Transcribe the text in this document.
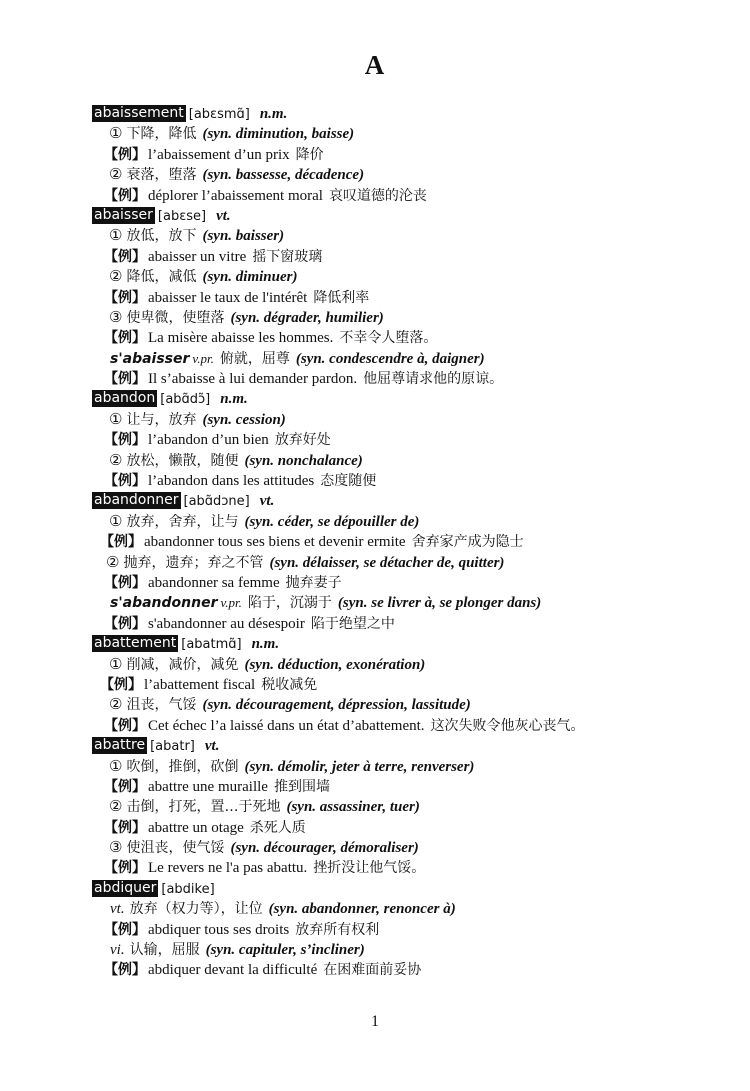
A
abaissement [abɛsmɑ̃] n.m.
① 下降，降低 (syn. diminution, baisse)
【例】 l’abaissement d’un prix 降价
② 衰落，堕落 (syn. bassesse, décadence)
【例】 déplorer l’abaissement moral 哀叹道德的沦丧
abaisser [abɛse] vt.
① 放低，放下 (syn. baisser)
【例】 abaisser un vitre 摇下窗玻璃
② 降低，减低 (syn. diminuer)
【例】 abaisser le taux de l'intérêt 降低利率
③ 使卑微，使堕落 (syn. dégrader, humilier)
【例】 La misère abaisse les hommes. 不幸令人堕落。
s'abaisser v.pr. 俯就，屈尊 (syn. condescendre à, daigner)
【例】 Il s’abaisse à lui demander pardon. 他屈尊请求他的原谅。
abandon [abɑ̃dɔ̃] n.m.
① 让与，放弃 (syn. cession)
【例】 l’abandon d’un bien 放弃好处
② 放松，懒散，随便 (syn. nonchalance)
【例】 l’abandon dans les attitudes 态度随便
abandonner [abɑ̃dɔne] vt.
① 放弃，舍弃，让与 (syn. céder, se dépouiller de)
【例】 abandonner tous ses biens et devenir ermite 舍弃家产成为隐士
② 抛弃，遗弃；弃之不管 (syn. délaisser, se détacher de, quitter)
【例】 abandonner sa femme 抛弃妻子
s'abandonner v.pr. 陷于，沉溺于 (syn. se livrer à, se plonger dans)
【例】 s'abandonner au désespoir 陷于绝望之中
abattement [abatmɑ̃] n.m.
① 削减，减价，减免 (syn. déduction, exonération)
【例】 l’abattement fiscal 税收减免
② 沮丧，气馁 (syn. découragement, dépression, lassitude)
【例】 Cet échec l’a laissé dans un état d’abattement. 这次失败令他灰心丧气。
abattre [abatr] vt.
① 吹倒，推倒，砍倒 (syn. démolir, jeter à terre, renverser)
【例】 abattre une muraille 推到围墙
② 击倒，打死，置…于死地 (syn. assassiner, tuer)
【例】 abattre un otage 杀死人质
③ 使沮丧，使气馁 (syn. décourager, démoraliser)
【例】 Le revers ne l'a pas abattu. 挫折没让他气馁。
abdiquer [abdike]
vt. 放弃（权力等），让位 (syn. abandonner, renoncer à)
【例】 abdiquer tous ses droits 放弃所有权利
vi. 认输，屈服 (syn. capituler, s’incliner)
【例】 abdiquer devant la difficulté 在困难面前妥协
1
